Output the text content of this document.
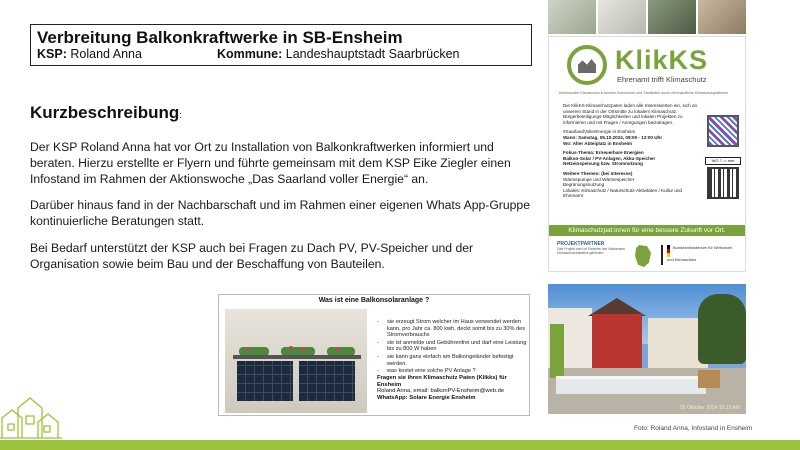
Verbreitung Balkonkraftwerke in SB-Ensheim
KSP: Roland Anna	Kommune: Landeshauptstadt Saarbrücken
Kurzbeschreibung:
Der KSP Roland Anna hat vor Ort zu Installation von Balkonkraftwerken informiert und beraten. Hierzu erstellte er Flyern und führte gemeinsam mit dem KSP Eike Ziegler einen Infostand im Rahmen der Aktionswoche „Das Saarland voller Energie“ an.
Darüber hinaus fand in der Nachbarschaft und im Rahmen einer eigenen Whats App-Gruppe kontinuierliche Beratungen statt.
Bei Bedarf unterstützt der KSP auch bei Fragen zu Dach PV, PV-Speicher und der Organisation sowie beim Bau und der Beschaffung von Bauteilen.
Was ist eine Balkonsolaranlage ?
- sie erzeugt Strom welcher im Haus verwendet werden kann, pro Jahr ca. 800 kwh, deckt somit bis zu 30% des Stromverbrauchs
- sie ist anmelde und Gebührenfrei und darf eine Leistung bis zu 800 W haben
- sie kann ganz einfach am Balkongeländer befestigt werden.
- was kostet eine solche PV Anlage ?
Fragen sie ihren Klimaschutz Paten (Klikks) für Ensheim
Roland Anna, email: balkonPV-Ensheim@web.de
WhatsApp: Solare Energie Ensheim
KlikKS
Ehrenamt trifft Klimaschutz
Kommunaler Klimaschutz in kleinen Kommunen und Stadtteilen durch ehrenamtliche Klimaschutzpatinnen
Die KlikKS-Klimaschutzpaten laden alle Interessierten ein, sich an unserem Stand in der Ortsmitte zu lokalem Klimaschutz, Bürgerbeteiligungs-Möglichkeiten und lokalen Projekten zu informieren und mit Fragen / Anregungen beizutragen.
#SaarlandVollerEnergie in Ensheim
Wann: Samstag, 05.10.2024, 08:00 - 13:00 Uhr
Wo: Alter Abteiplatz in Ensheim
Fokus-Thema: Erneuerbare Energien
Balkon-Solar / PV-Anlagen, Akku-Speicher
Netzeinspeisung bzw. Stromnutzung
Weitere Themen: (bei Interesse)
Wärmepumpe und Wärmespeicher
Begrünungsnutzung
Lokales: Klimaschutz / Naturschutz-Aktivitäten / Kultur und Ehrenamt
WO ? -> mm
Klimaschutzpat:innen für eine bessere Zukunft vor Ort.
PROJEKTPARTNER
Das Projekt wird im Rahmen der Nationalen Klimaschutzinitiative gefördert.
Bundesministerium für Wirtschaft und Klimaschutz
05 Oktober 2024 10:15 AM
Foto: Roland Anna, Infostand in Ensheim
